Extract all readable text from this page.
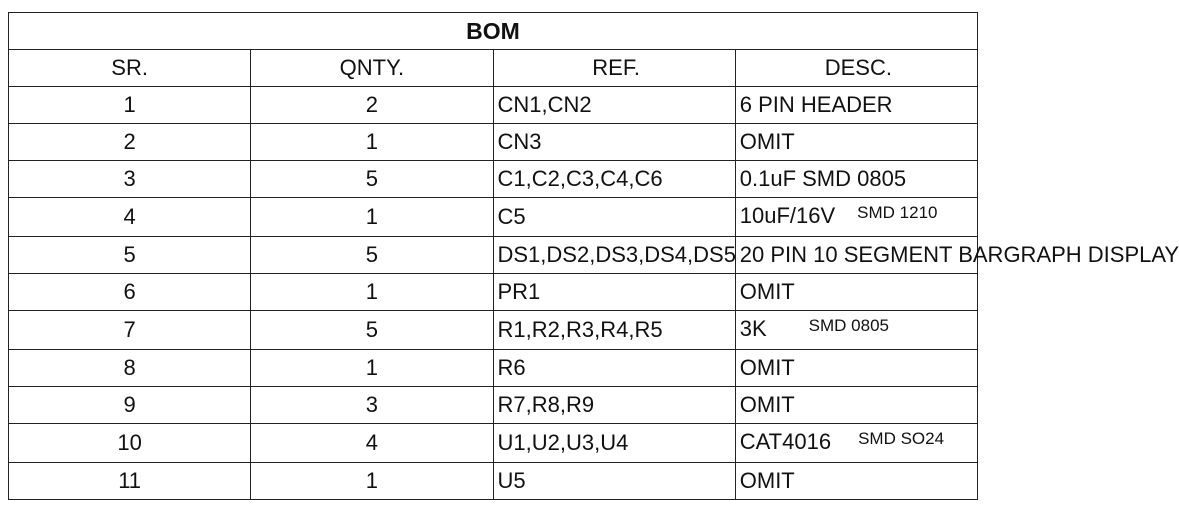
BOM			
SR.	QNTY.	REF.	DESC.
1	2	CN1,CN2	6 PIN HEADER
2	1	CN3	OMIT
3	5	C1,C2,C3,C4,C6	0.1uF SMD 0805
4	1	C5	10uF/16V SMD 1210
5	5	DS1,DS2,DS3,DS4,DS5	20 PIN 10 SEGMENT BARGRAPH DISPLAY
6	1	PR1	OMIT
7	5	R1,R2,R3,R4,R5	3K SMD 0805
8	1	R6	OMIT
9	3	R7,R8,R9	OMIT
10	4	U1,U2,U3,U4	CAT4016 SMD SO24
11	1	U5	OMIT
